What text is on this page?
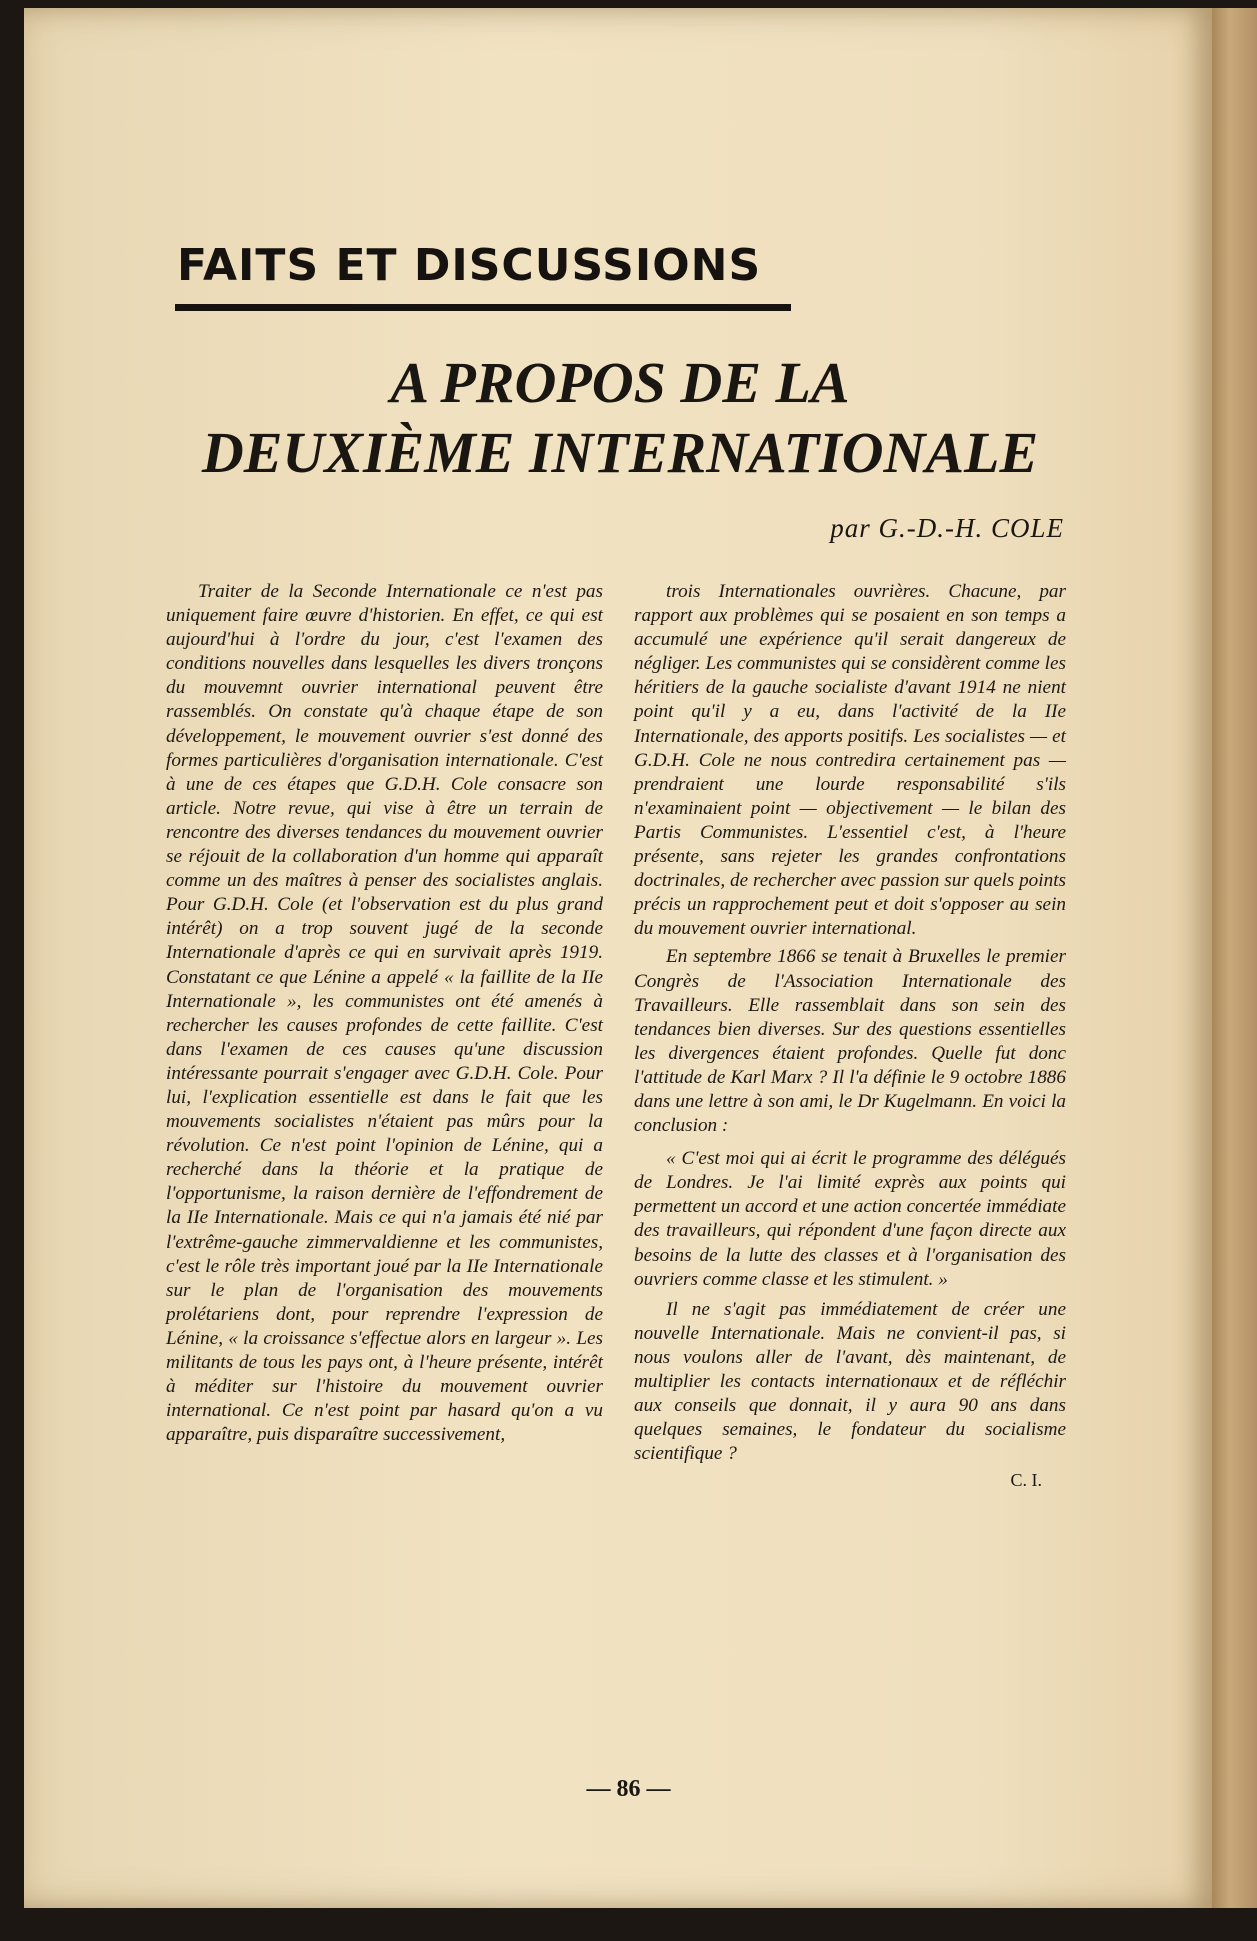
FAITS ET DISCUSSIONS
A PROPOS DE LA
DEUXIÈME INTERNATIONALE
par G.-D.-H. COLE

Traiter de la Seconde Internationale ce n'est pas uniquement faire œuvre d'historien. En effet, ce qui est aujourd'hui à l'ordre du jour, c'est l'examen des conditions nouvelles dans lesquelles les divers tronçons du mouvemnt ouvrier international peuvent être rassemblés. On constate qu'à chaque étape de son développement, le mouvement ouvrier s'est donné des formes particulières d'organisation internationale. C'est à une de ces étapes que G.D.H. Cole consacre son article. Notre revue, qui vise à être un terrain de rencontre des diverses tendances du mouvement ouvrier se réjouit de la collaboration d'un homme qui apparaît comme un des maîtres à penser des socialistes anglais. Pour G.D.H. Cole (et l'observation est du plus grand intérêt) on a trop souvent jugé de la seconde Internationale d'après ce qui en survivait après 1919. Constatant ce que Lénine a appelé « la faillite de la IIe Internationale », les communistes ont été amenés à rechercher les causes profondes de cette faillite. C'est dans l'examen de ces causes qu'une discussion intéressante pourrait s'engager avec G.D.H. Cole. Pour lui, l'explication essentielle est dans le fait que les mouvements socialistes n'étaient pas mûrs pour la révolution. Ce n'est point l'opinion de Lénine, qui a recherché dans la théorie et la pratique de l'opportunisme, la raison dernière de l'effondrement de la IIe Internationale. Mais ce qui n'a jamais été nié par l'extrême-gauche zimmervaldienne et les communistes, c'est le rôle très important joué par la IIe Internationale sur le plan de l'organisation des mouvements prolétariens dont, pour reprendre l'expression de Lénine, « la croissance s'effectue alors en largeur ». Les militants de tous les pays ont, à l'heure présente, intérêt à méditer sur l'histoire du mouvement ouvrier international. Ce n'est point par hasard qu'on a vu apparaître, puis disparaître successivement,

trois Internationales ouvrières. Chacune, par rapport aux problèmes qui se posaient en son temps a accumulé une expérience qu'il serait dangereux de négliger. Les communistes qui se considèrent comme les héritiers de la gauche socialiste d'avant 1914 ne nient point qu'il y a eu, dans l'activité de la IIe Internationale, des apports positifs. Les socialistes — et G.D.H. Cole ne nous contredira certainement pas — prendraient une lourde responsabilité s'ils n'examinaient point — objectivement — le bilan des Partis Communistes. L'essentiel c'est, à l'heure présente, sans rejeter les grandes confrontations doctrinales, de rechercher avec passion sur quels points précis un rapprochement peut et doit s'opposer au sein du mouvement ouvrier international.

En septembre 1866 se tenait à Bruxelles le premier Congrès de l'Association Internationale des Travailleurs. Elle rassemblait dans son sein des tendances bien diverses. Sur des questions essentielles les divergences étaient profondes. Quelle fut donc l'attitude de Karl Marx ? Il l'a définie le 9 octobre 1886 dans une lettre à son ami, le Dr Kugelmann. En voici la conclusion :

« C'est moi qui ai écrit le programme des délégués de Londres. Je l'ai limité exprès aux points qui permettent un accord et une action concertée immédiate des travailleurs, qui répondent d'une façon directe aux besoins de la lutte des classes et à l'organisation des ouvriers comme classe et les stimulent. »

Il ne s'agit pas immédiatement de créer une nouvelle Internationale. Mais ne convient-il pas, si nous voulons aller de l'avant, dès maintenant, de multiplier les contacts internationaux et de réfléchir aux conseils que donnait, il y aura 90 ans dans quelques semaines, le fondateur du socialisme scientifique ?

C. I.
— 86 —
